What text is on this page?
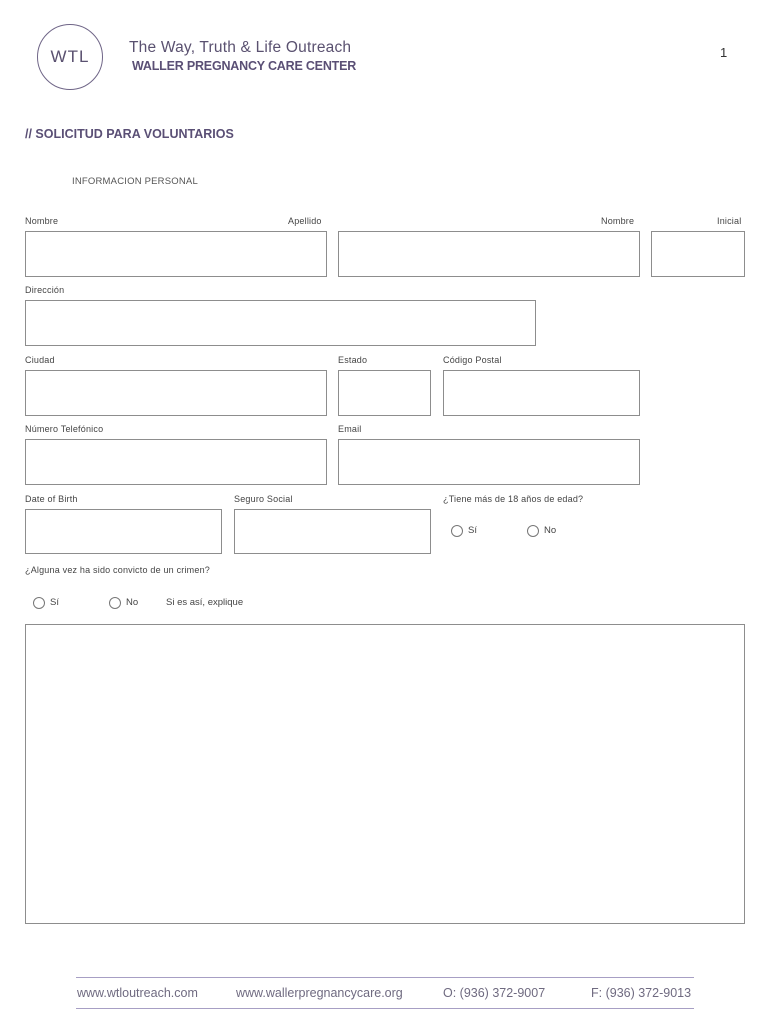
WTL	The Way, Truth & Life Outreach
WALLER PREGNANCY CARE CENTER
1
// SOLICITUD PARA VOLUNTARIOS
INFORMACION PERSONAL
Nombre	Apellido	Nombre	Inicial
Dirección
Ciudad	Estado	Código Postal
Número Telefónico	Email
Date of Birth	Seguro Social	¿Tiene más de 18 años de edad?
Sí	No
¿Alguna vez ha sido convicto de un crimen?
Sí	No	Si es así, explique
www.wtloutreach.com	www.wallerpregnancycare.org	O: (936) 372-9007	F: (936) 372-9013
